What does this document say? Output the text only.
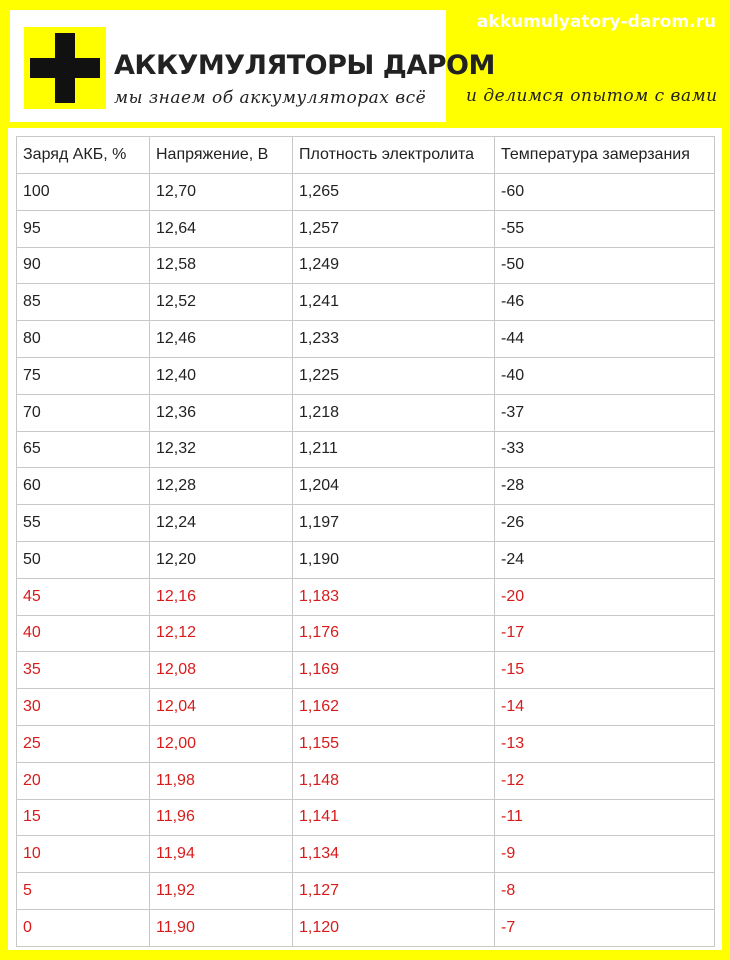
akkumulyatory-darom.ru
АККУМУЛЯТОРЫ ДАРОМ
мы знаем об аккумуляторах всё и делимся опытом с вами
Заряд АКБ, %	Напряжение, В	Плотность электролита	Температура замерзания
100	12,70	1,265	-60
95	12,64	1,257	-55
90	12,58	1,249	-50
85	12,52	1,241	-46
80	12,46	1,233	-44
75	12,40	1,225	-40
70	12,36	1,218	-37
65	12,32	1,211	-33
60	12,28	1,204	-28
55	12,24	1,197	-26
50	12,20	1,190	-24
45	12,16	1,183	-20
40	12,12	1,176	-17
35	12,08	1,169	-15
30	12,04	1,162	-14
25	12,00	1,155	-13
20	11,98	1,148	-12
15	11,96	1,141	-11
10	11,94	1,134	-9
5	11,92	1,127	-8
0	11,90	1,120	-7
